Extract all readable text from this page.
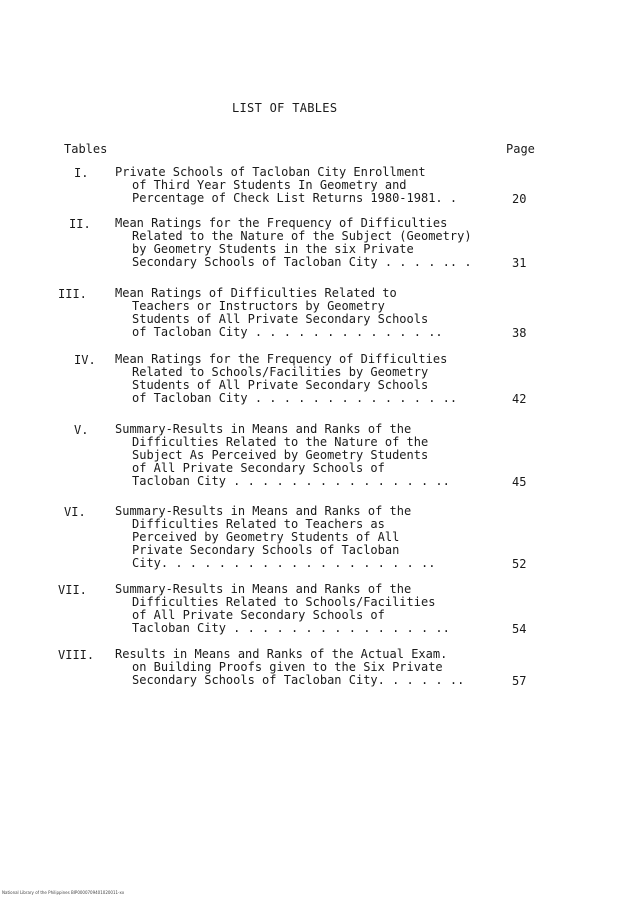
LIST OF TABLES
Tables	Page
I.	Private Schools of Tacloban City Enrollment
of Third Year Students In Geometry and
Percentage of Check List Returns 1980-1981. .	20
II.	Mean Ratings for the Frequency of Difficulties
Related to the Nature of the Subject (Geometry)
by Geometry Students in the six Private
Secondary Schools of Tacloban City . . . . .. .	31
III.	Mean Ratings of Difficulties Related to
Teachers or Instructors by Geometry
Students of All Private Secondary Schools
of Tacloban City . . . . . . . . . . . . ..	38
IV.	Mean Ratings for the Frequency of Difficulties
Related to Schools/Facilities by Geometry
Students of All Private Secondary Schools
of Tacloban City . . . . . . . . . . . . . ..	42
V.	Summary-Results in Means and Ranks of the
Difficulties Related to the Nature of the
Subject As Perceived by Geometry Students
of All Private Secondary Schools of
Tacloban City . . . . . . . . . . . . . . ..	45
VI.	Summary-Results in Means and Ranks of the
Difficulties Related to Teachers as
Perceived by Geometry Students of All
Private Secondary Schools of Tacloban
City. . . . . . . . . . . . . . . . . . ..	52
VII.	Summary-Results in Means and Ranks of the
Difficulties Related to Schools/Facilities
of All Private Secondary Schools of
Tacloban City . . . . . . . . . . . . . . ..	54
VIII.	Results in Means and Ranks of the Actual Exam.
on Building Proofs given to the Six Private
Secondary Schools of Tacloban City. . . . . ..	57
National Library of the Philippines BIP0000709401020011-xx
